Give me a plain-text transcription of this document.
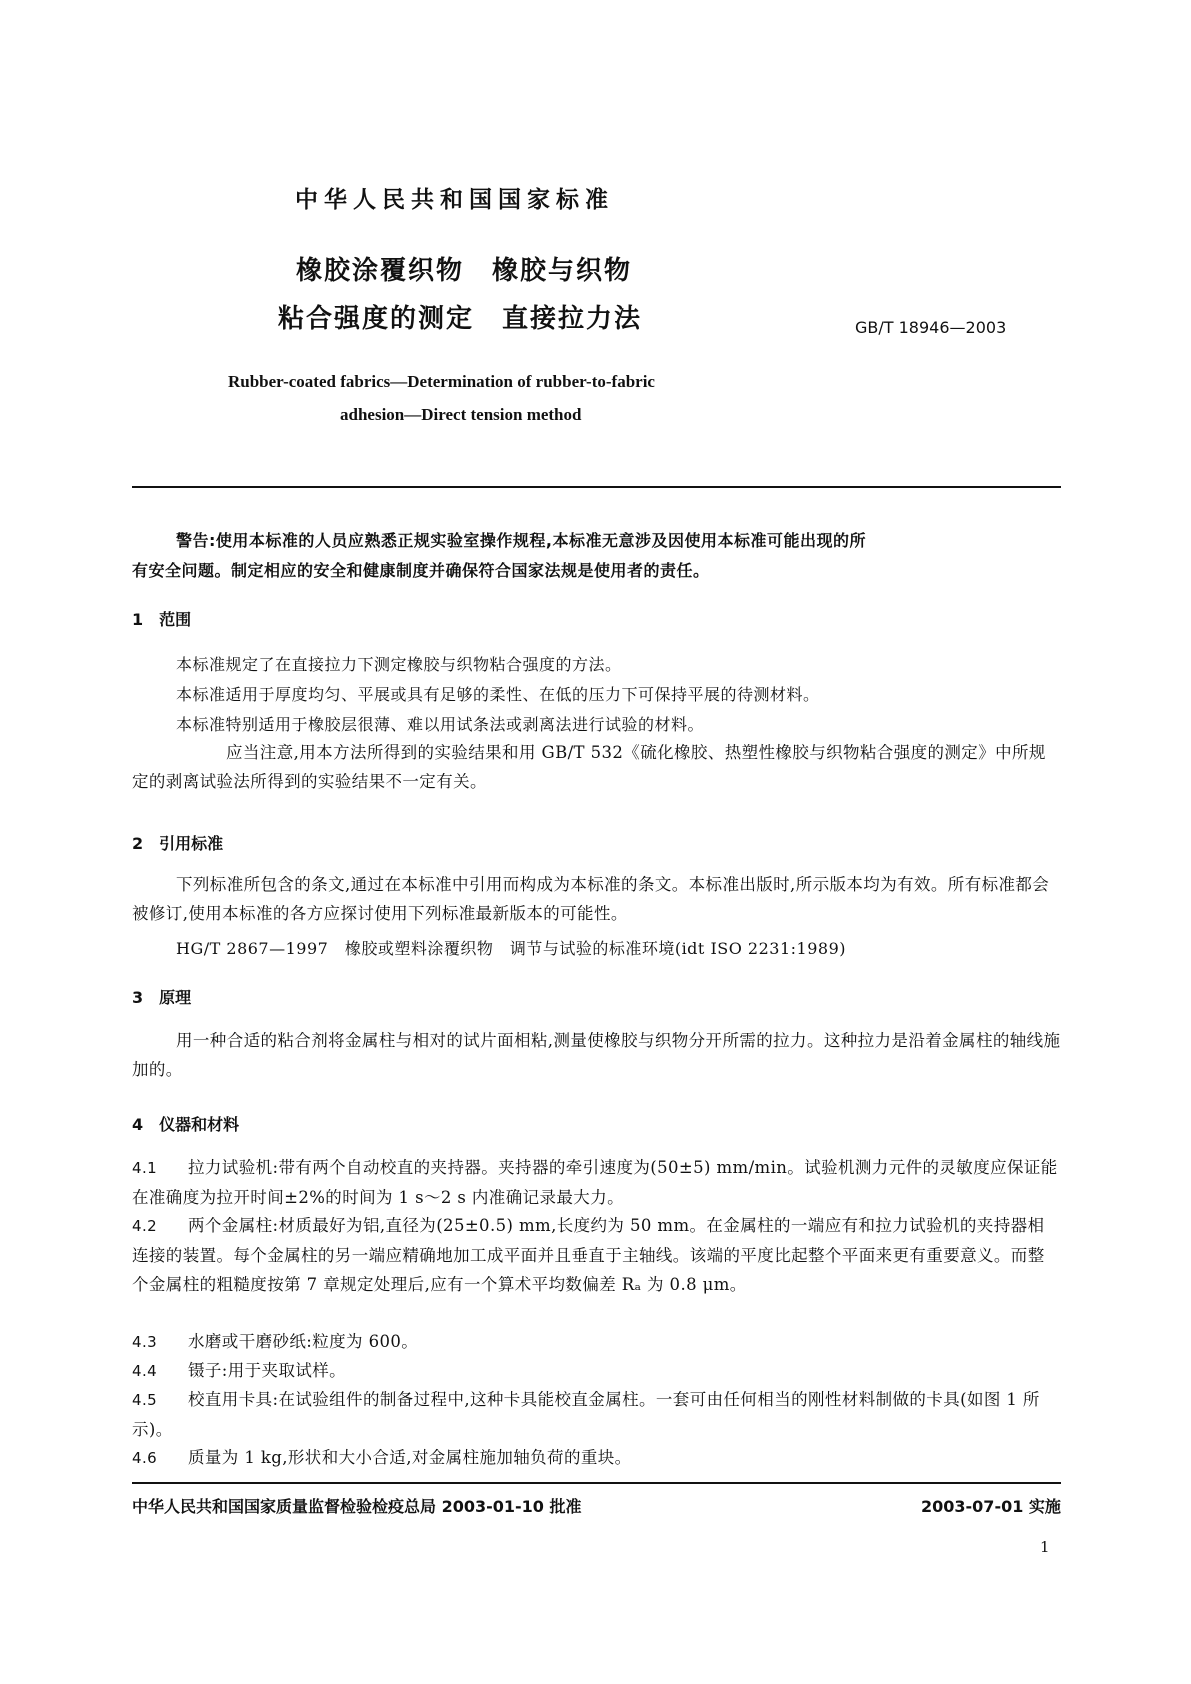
中华人民共和国国家标准
橡胶涂覆织物　橡胶与织物
粘合强度的测定　直接拉力法	GB/T 18946—2003
Rubber-coated fabrics—Determination of rubber-to-fabric
adhesion—Direct tension method
警告:使用本标准的人员应熟悉正规实验室操作规程,本标准无意涉及因使用本标准可能出现的所
有安全问题。制定相应的安全和健康制度并确保符合国家法规是使用者的责任。
1　范围
本标准规定了在直接拉力下测定橡胶与织物粘合强度的方法。
本标准适用于厚度均匀、平展或具有足够的柔性、在低的压力下可保持平展的待测材料。
本标准特别适用于橡胶层很薄、难以用试条法或剥离法进行试验的材料。
应当注意,用本方法所得到的实验结果和用 GB/T 532《硫化橡胶、热塑性橡胶与织物粘合强度的测定》中所规定的剥离试验法所得到的实验结果不一定有关。
2　引用标准
下列标准所包含的条文,通过在本标准中引用而构成为本标准的条文。本标准出版时,所示版本均为有效。所有标准都会被修订,使用本标准的各方应探讨使用下列标准最新版本的可能性。
HG/T 2867—1997　橡胶或塑料涂覆织物　调节与试验的标准环境(idt ISO 2231:1989)
3　原理
用一种合适的粘合剂将金属柱与相对的试片面相粘,测量使橡胶与织物分开所需的拉力。这种拉力是沿着金属柱的轴线施加的。
4　仪器和材料
4.1 拉力试验机:带有两个自动校直的夹持器。夹持器的牵引速度为(50±5) mm/min。试验机测力元件的灵敏度应保证能在准确度为拉开时间±2%的时间为 1 s～2 s 内准确记录最大力。
4.2 两个金属柱:材质最好为铝,直径为(25±0.5) mm,长度约为 50 mm。在金属柱的一端应有和拉力试验机的夹持器相连接的装置。每个金属柱的另一端应精确地加工成平面并且垂直于主轴线。该端的平度比起整个平面来更有重要意义。而整个金属柱的粗糙度按第 7 章规定处理后,应有一个算术平均数偏差 Rₐ 为 0.8 μm。
4.3 水磨或干磨砂纸:粒度为 600。
4.4 镊子:用于夹取试样。
4.5 校直用卡具:在试验组件的制备过程中,这种卡具能校直金属柱。一套可由任何相当的刚性材料制做的卡具(如图 1 所示)。
4.6 质量为 1 kg,形状和大小合适,对金属柱施加轴负荷的重块。
中华人民共和国国家质量监督检验检疫总局 2003-01-10 批准	2003-07-01 实施
1
